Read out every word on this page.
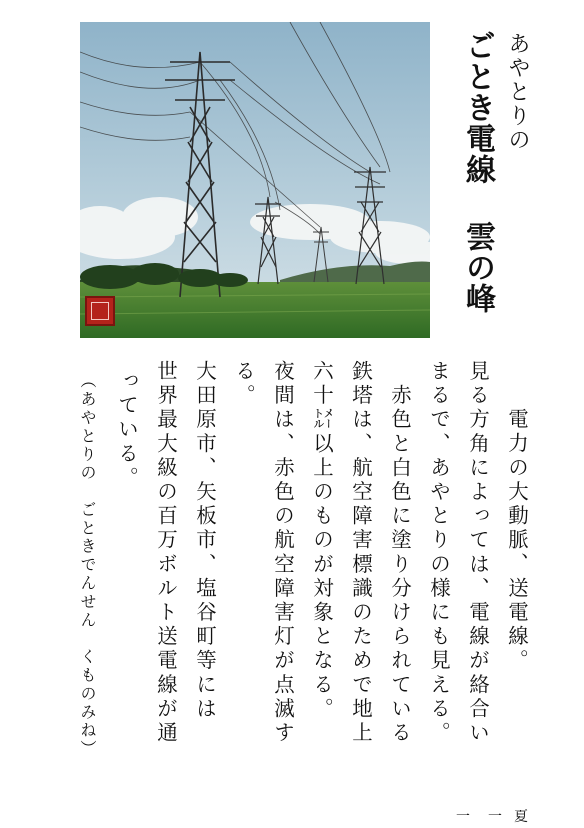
あやとりの
ごとき電線 雲の峰
　電力の大動脈、送電線。
見る方角によっては、電線が絡合い
まるで、あやとりの様にも見える。
　赤色と白色に塗り分けられている
鉄塔は、航空障害標識のためで地上
六十㍍以上のものが対象となる。
夜間は、赤色の航空障害灯が点滅す
る。
大田原市、矢板市、塩谷町等には
世界最大級の百万ボルト送電線が通
っている。
（あやとりの　ごときでんせん　くものみね）
一　一 夏
